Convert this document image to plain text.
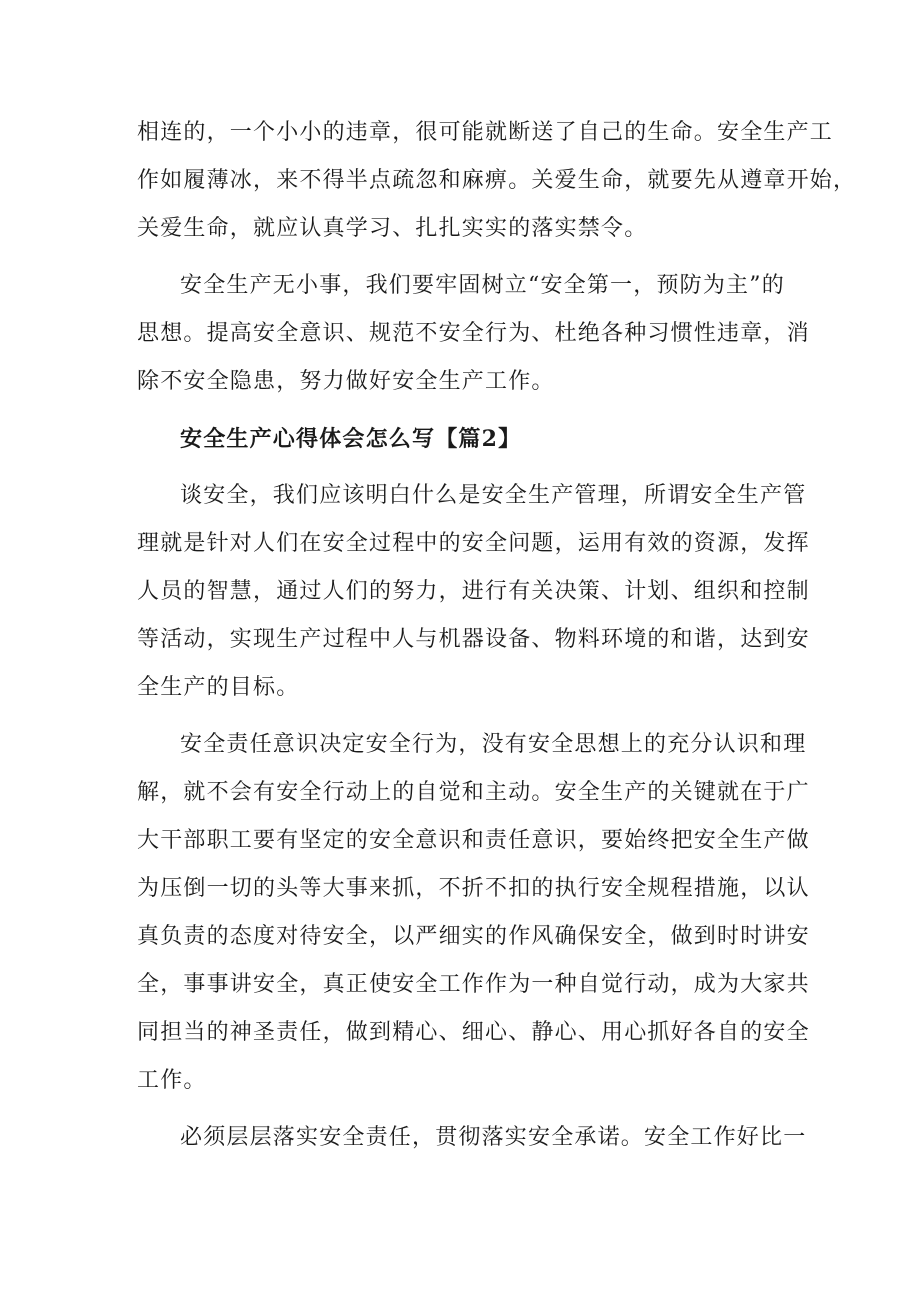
相连的，一个小小的违章，很可能就断送了自己的生命。安全生产工
作如履薄冰，来不得半点疏忽和麻痹。关爱生命，就要先从遵章开始，
关爱生命，就应认真学习、扎扎实实的落实禁令。
安全生产无小事，我们要牢固树立“安全第一，预防为主”的
思想。提高安全意识、规范不安全行为、杜绝各种习惯性违章，消
除不安全隐患，努力做好安全生产工作。
安全生产心得体会怎么写【篇2】
谈安全，我们应该明白什么是安全生产管理，所谓安全生产管
理就是针对人们在安全过程中的安全问题，运用有效的资源，发挥
人员的智慧，通过人们的努力，进行有关决策、计划、组织和控制
等活动，实现生产过程中人与机器设备、物料环境的和谐，达到安
全生产的目标。
安全责任意识决定安全行为，没有安全思想上的充分认识和理
解，就不会有安全行动上的自觉和主动。安全生产的关键就在于广
大干部职工要有坚定的安全意识和责任意识，要始终把安全生产做
为压倒一切的头等大事来抓，不折不扣的执行安全规程措施，以认
真负责的态度对待安全，以严细实的作风确保安全，做到时时讲安
全，事事讲安全，真正使安全工作作为一种自觉行动，成为大家共
同担当的神圣责任，做到精心、细心、静心、用心抓好各自的安全
工作。
必须层层落实安全责任，贯彻落实安全承诺。安全工作好比一
